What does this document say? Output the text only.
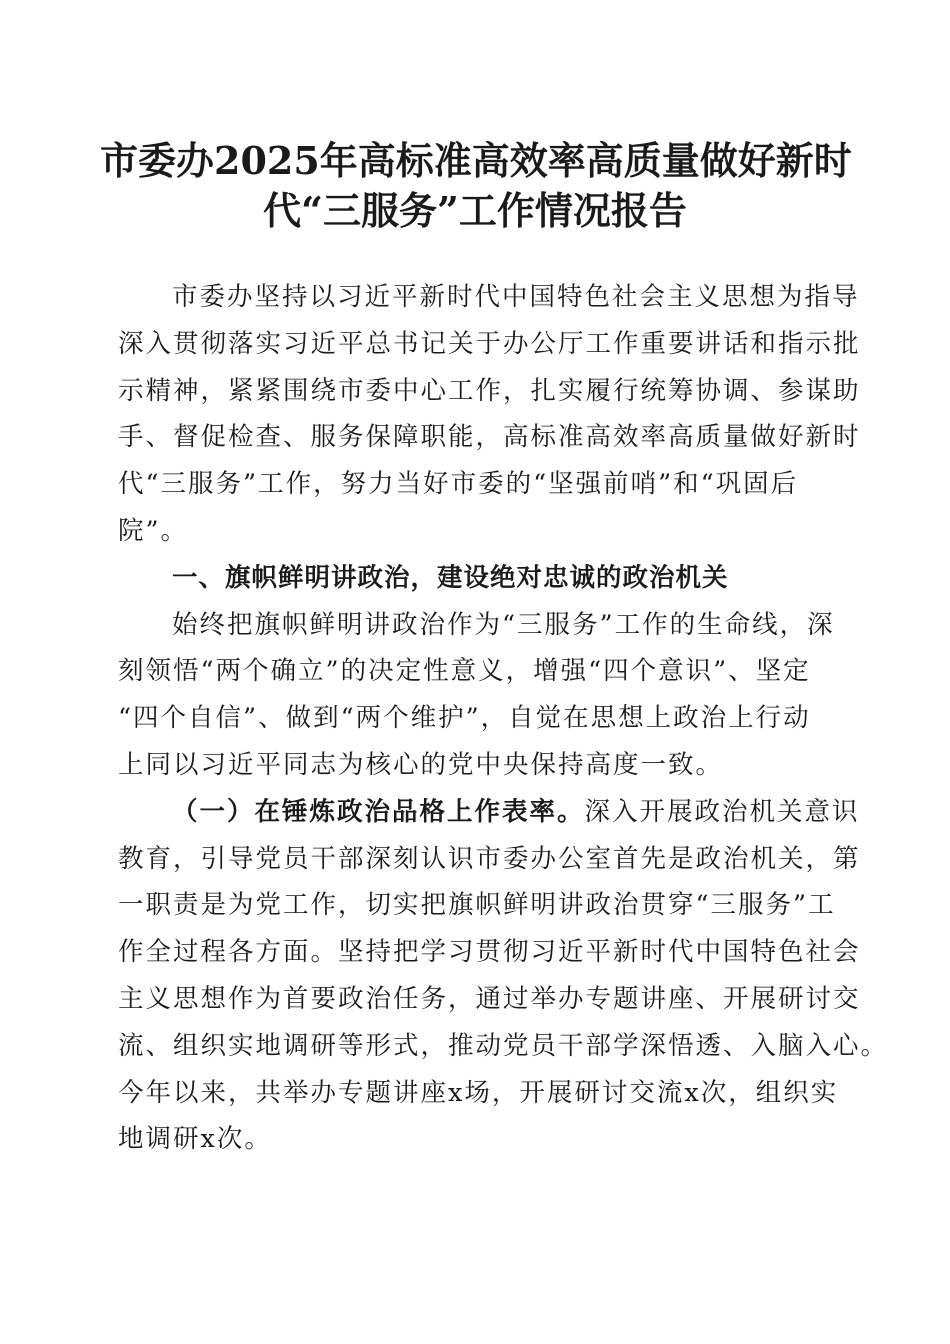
市委办2025年高标准高效率高质量做好新时
代“三服务”工作情况报告
市委办坚持以习近平新时代中国特色社会主义思想为指导
深入贯彻落实习近平总书记关于办公厅工作重要讲话和指示批
示精神，紧紧围绕市委中心工作，扎实履行统筹协调、参谋助
手、督促检查、服务保障职能，高标准高效率高质量做好新时
代“三服务”工作，努力当好市委的“坚强前哨”和“巩固后
院”。
一、旗帜鲜明讲政治，建设绝对忠诚的政治机关
始终把旗帜鲜明讲政治作为“三服务”工作的生命线，深
刻领悟“两个确立”的决定性意义，增强“四个意识”、坚定
“四个自信”、做到“两个维护”，自觉在思想上政治上行动
上同以习近平同志为核心的党中央保持高度一致。
（一）在锤炼政治品格上作表率。深入开展政治机关意识
教育，引导党员干部深刻认识市委办公室首先是政治机关，第
一职责是为党工作，切实把旗帜鲜明讲政治贯穿“三服务”工
作全过程各方面。坚持把学习贯彻习近平新时代中国特色社会
主义思想作为首要政治任务，通过举办专题讲座、开展研讨交
流、组织实地调研等形式，推动党员干部学深悟透、入脑入心。
今年以来，共举办专题讲座x场，开展研讨交流x次，组织实
地调研x次。
